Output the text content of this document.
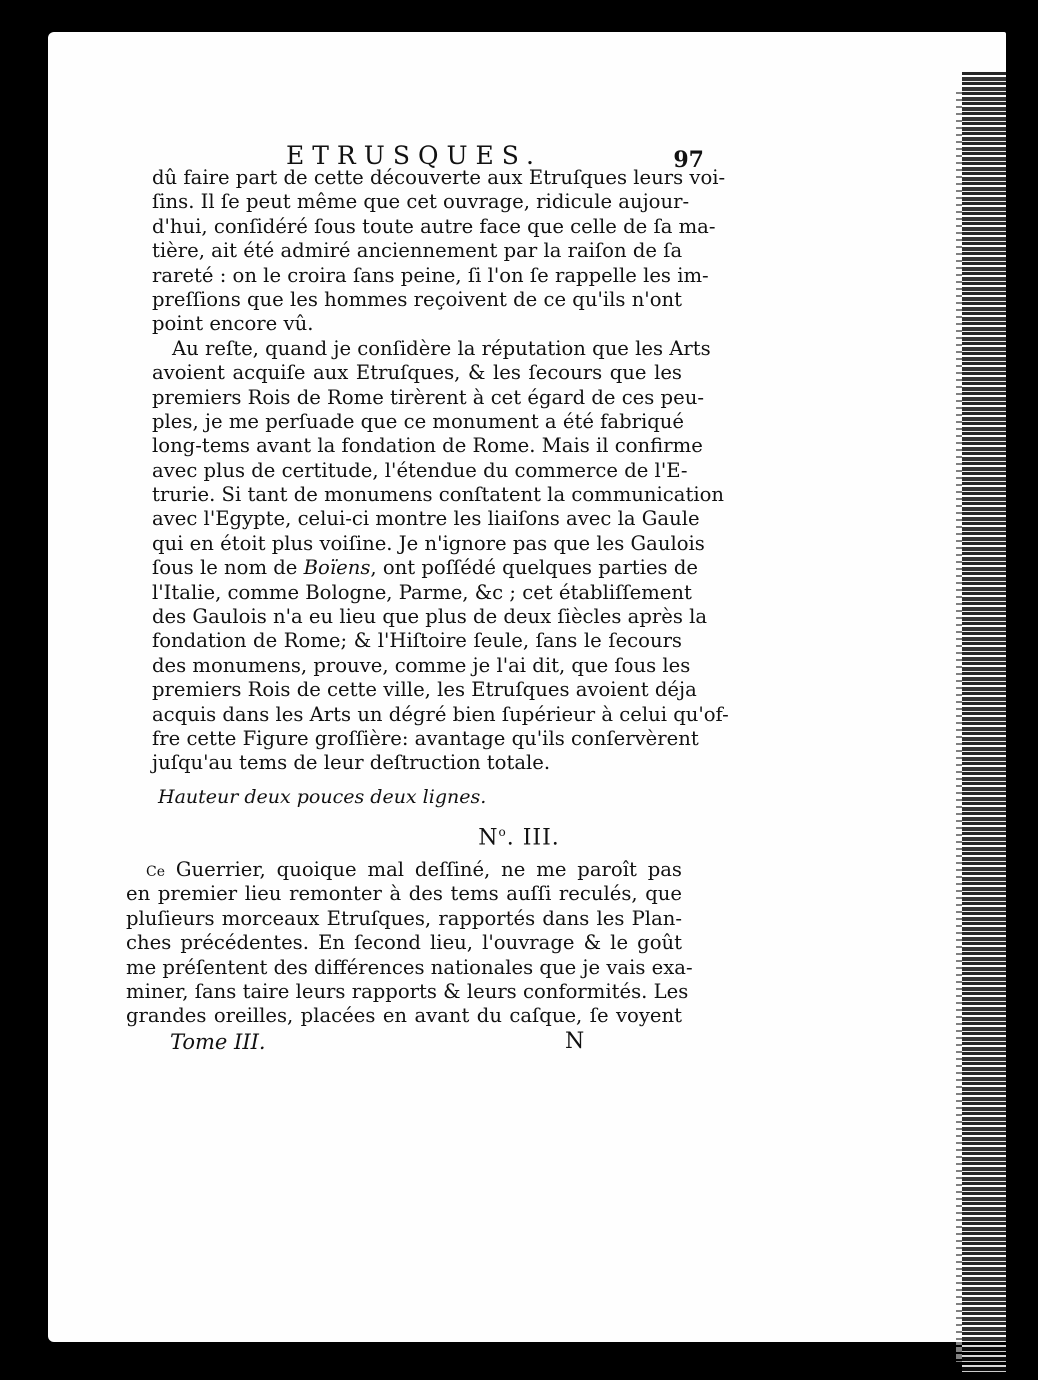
ETRUSQUES.	97
dû faire part de cette découverte aux Etruſques leurs voi-
ſins. Il ſe peut même que cet ouvrage, ridicule aujour-
d'hui, conſidéré ſous toute autre face que celle de ſa ma-
tière, ait été admiré anciennement par la raiſon de ſa
rareté : on le croira ſans peine, ſi l'on ſe rappelle les im-
preſſions que les hommes reçoivent de ce qu'ils n'ont
point encore vû.
Au reſte, quand je conſidère la réputation que les Arts
avoient acquiſe aux Etruſques, & les ſecours que les
premiers Rois de Rome tirèrent à cet égard de ces peu-
ples, je me perſuade que ce monument a été fabriqué
long-tems avant la fondation de Rome. Mais il confirme
avec plus de certitude, l'étendue du commerce de l'E-
trurie. Si tant de monumens conſtatent la communication
avec l'Egypte, celui-ci montre les liaiſons avec la Gaule
qui en étoit plus voiſine. Je n'ignore pas que les Gaulois
ſous le nom de Boïens, ont poſſédé quelques parties de
l'Italie, comme Bologne, Parme, &c ; cet établiſſement
des Gaulois n'a eu lieu que plus de deux ſiècles après la
fondation de Rome; & l'Hiſtoire ſeule, ſans le ſecours
des monumens, prouve, comme je l'ai dit, que ſous les
premiers Rois de cette ville, les Etruſques avoient déja
acquis dans les Arts un dégré bien ſupérieur à celui qu'of-
fre cette Figure groſſière: avantage qu'ils conſervèrent
juſqu'au tems de leur deſtruction totale.
Hauteur deux pouces deux lignes.
$N^o$. III.
Ce Guerrier, quoique mal deſſiné, ne me paroît pas
en premier lieu remonter à des tems auſſi reculés, que
pluſieurs morceaux Etruſques, rapportés dans les Plan-
ches précédentes. En ſecond lieu, l'ouvrage & le goût
me préſentent des différences nationales que je vais exa-
miner, ſans taire leurs rapports & leurs conformités. Les
grandes oreilles, placées en avant du caſque, ſe voyent
Tome III.	N
